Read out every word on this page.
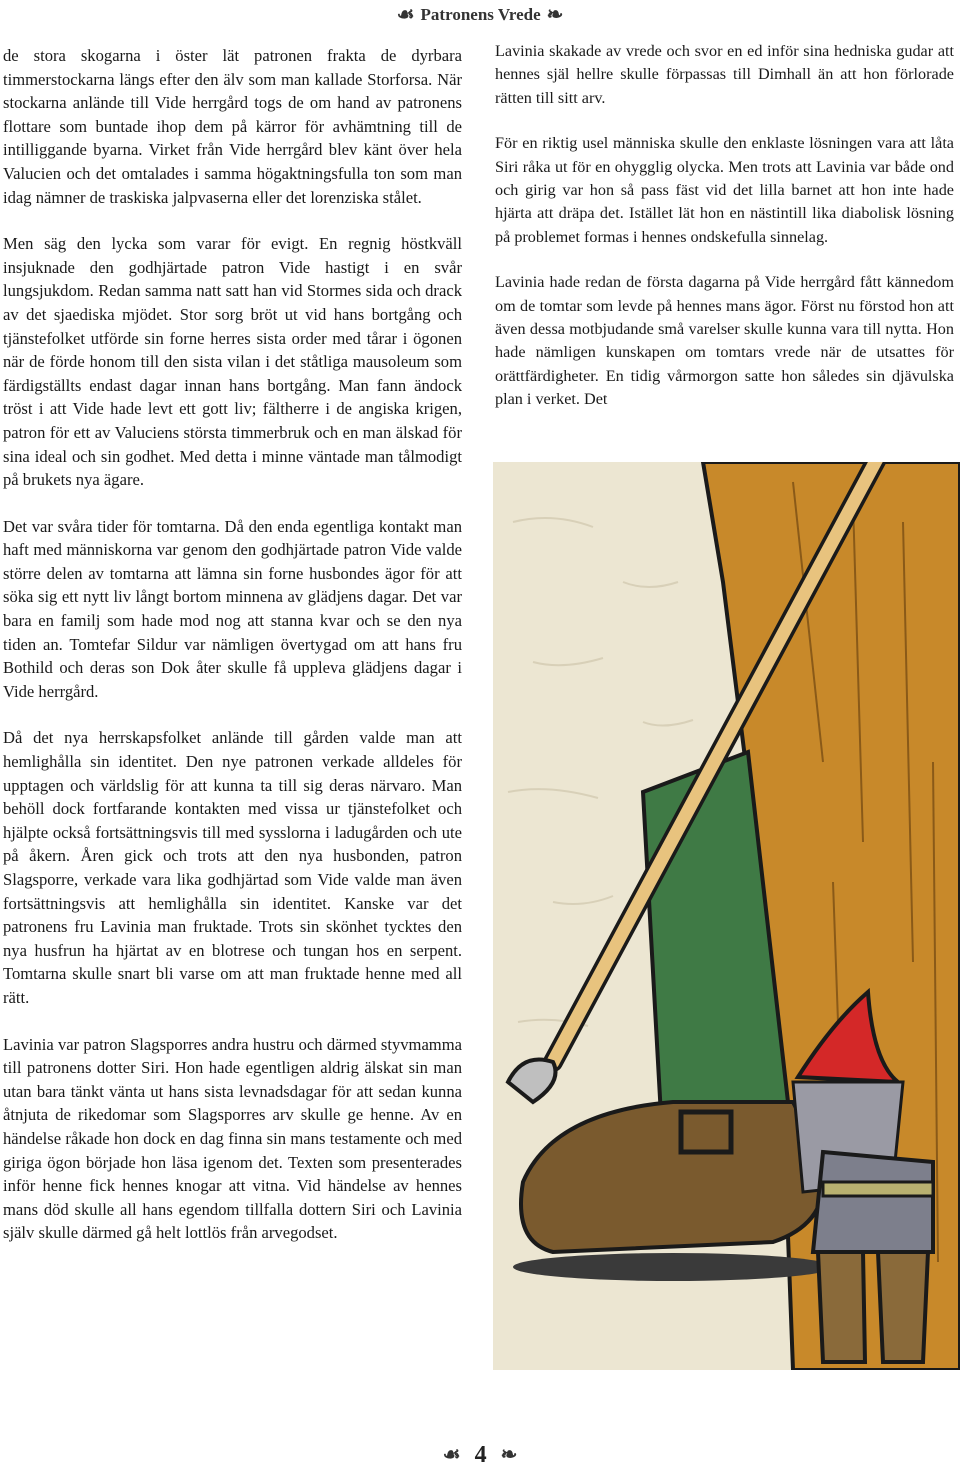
☙ Patronens Vrede ❧

de stora skogarna i öster lät patronen frakta de dyrbara timmerstockarna längs efter den älv som man kallade Storforsa. När stockarna anlände till Vide herrgård togs de om hand av patronens flottare som buntade ihop dem på kärror för avhämtning till de intilliggande byarna. Virket från Vide herrgård blev känt över hela Valucien och det omtalades i samma högaktningsfulla ton som man idag nämner de traskiska jalpvaserna eller det lorenziska stålet.

Men säg den lycka som varar för evigt. En regnig höstkväll insjuknade den godhjärtade patron Vide hastigt i en svår lungsjukdom. Redan samma natt satt han vid Stormes sida och drack av det sjaediska mjödet. Stor sorg bröt ut vid hans bortgång och tjänstefolket utförde sin forne herres sista order med tårar i ögonen när de förde honom till den sista vilan i det ståtliga mausoleum som färdigställts endast dagar innan hans bortgång. Man fann ändock tröst i att Vide hade levt ett gott liv; fältherre i de angiska krigen, patron för ett av Valuciens största timmerbruk och en man älskad för sina ideal och sin godhet. Med detta i minne väntade man tålmodigt på brukets nya ägare.

Det var svåra tider för tomtarna. Då den enda egentliga kontakt man haft med människorna var genom den godhjärtade patron Vide valde större delen av tomtarna att lämna sin forne husbondes ägor för att söka sig ett nytt liv långt bortom minnena av glädjens dagar. Det var bara en familj som hade mod nog att stanna kvar och se den nya tiden an. Tomtefar Sildur var nämligen övertygad om att hans fru Bothild och deras son Dok åter skulle få uppleva glädjens dagar i Vide herrgård.

Då det nya herrskapsfolket anlände till gården valde man att hemlighålla sin identitet. Den nye patronen verkade alldeles för upptagen och världslig för att kunna ta till sig deras närvaro. Man behöll dock fortfarande kontakten med vissa ur tjänstefolket och hjälpte också fortsättningsvis till med sysslorna i ladugården och ute på åkern. Åren gick och trots att den nya husbonden, patron Slagsporre, verkade vara lika godhjärtad som Vide valde man även fortsättningsvis att hemlighålla sin identitet. Kanske var det patronens fru Lavinia man fruktade. Trots sin skönhet tycktes den nya husfrun ha hjärtat av en blotrese och tungan hos en serpent. Tomtarna skulle snart bli varse om att man fruktade henne med all rätt.

Lavinia var patron Slagsporres andra hustru och därmed styvmamma till patronens dotter Siri. Hon hade egentligen aldrig älskat sin man utan bara tänkt vänta ut hans sista levnadsdagar för att sedan kunna åtnjuta de rikedomar som Slagsporres arv skulle ge henne. Av en händelse råkade hon dock en dag finna sin mans testamente och med giriga ögon började hon läsa igenom det. Texten som presenterades inför henne fick hennes knogar att vitna. Vid händelse av hennes mans död skulle all hans egendom tillfalla dottern Siri och Lavinia själv skulle därmed gå helt lottlös från arvegodset.

Lavinia skakade av vrede och svor en ed inför sina hedniska gudar att hennes själ hellre skulle förpassas till Dimhall än att hon förlorade rätten till sitt arv.

För en riktig usel människa skulle den enklaste lösningen vara att låta Siri råka ut för en ohygglig olycka. Men trots att Lavinia var både ond och girig var hon så pass fäst vid det lilla barnet att hon inte hade hjärta att dräpa det. Istället lät hon en nästintill lika diabolisk lösning på problemet formas i hennes ondskefulla sinnelag.

Lavinia hade redan de första dagarna på Vide herrgård fått kännedom om de tomtar som levde på hennes mans ägor. Först nu förstod hon att även dessa motbjudande små varelser skulle kunna vara till nytta. Hon hade nämligen kunskapen om tomtars vrede när de utsattes för orättfärdigheter. En tidig vårmorgon satte hon således sin djävulska plan i verket. Det

☙ 4 ❧
